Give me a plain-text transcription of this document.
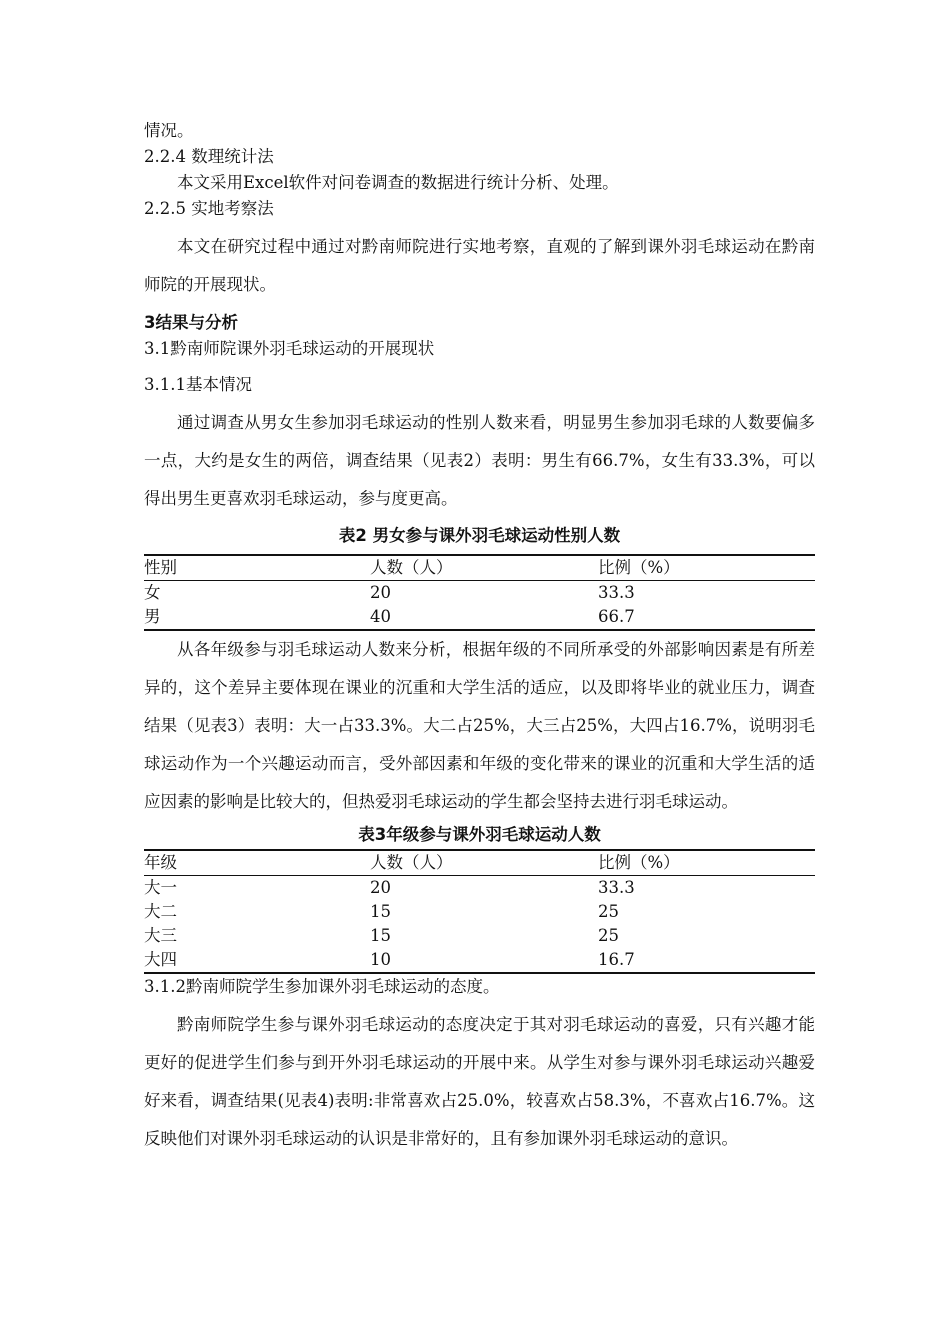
情况。
2.2.4 数理统计法

本文采用Excel软件对问卷调查的数据进行统计分析、处理。

2.2.5 实地考察法

本文在研究过程中通过对黔南师院进行实地考察，直观的了解到课外羽毛球运动在黔南师院的开展现状。

3结果与分析
3.1黔南师院课外羽毛球运动的开展现状
3.1.1基本情况

通过调查从男女生参加羽毛球运动的性别人数来看，明显男生参加羽毛球的人数要偏多一点，大约是女生的两倍，调查结果（见表2）表明：男生有66.7%，女生有33.3%，可以得出男生更喜欢羽毛球运动，参与度更高。

表2 男女参与课外羽毛球运动性别人数
性别	人数（人）	比例（%）
女	20	33.3
男	40	66.7

从各年级参与羽毛球运动人数来分析，根据年级的不同所承受的外部影响因素是有所差异的，这个差异主要体现在课业的沉重和大学生活的适应，以及即将毕业的就业压力，调查结果（见表3）表明：大一占33.3%。大二占25%，大三占25%，大四占16.7%，说明羽毛球运动作为一个兴趣运动而言，受外部因素和年级的变化带来的课业的沉重和大学生活的适应因素的影响是比较大的，但热爱羽毛球运动的学生都会坚持去进行羽毛球运动。

表3年级参与课外羽毛球运动人数
年级	人数（人）	比例（%）
大一	20	33.3
大二	15	25
大三	15	25
大四	10	16.7
3.1.2黔南师院学生参加课外羽毛球运动的态度。

黔南师院学生参与课外羽毛球运动的态度决定于其对羽毛球运动的喜爱，只有兴趣才能更好的促进学生们参与到开外羽毛球运动的开展中来。从学生对参与课外羽毛球运动兴趣爱好来看，调查结果(见表4)表明:非常喜欢占25.0%，较喜欢占58.3%，不喜欢占16.7%。这反映他们对课外羽毛球运动的认识是非常好的，且有参加课外羽毛球运动的意识。
